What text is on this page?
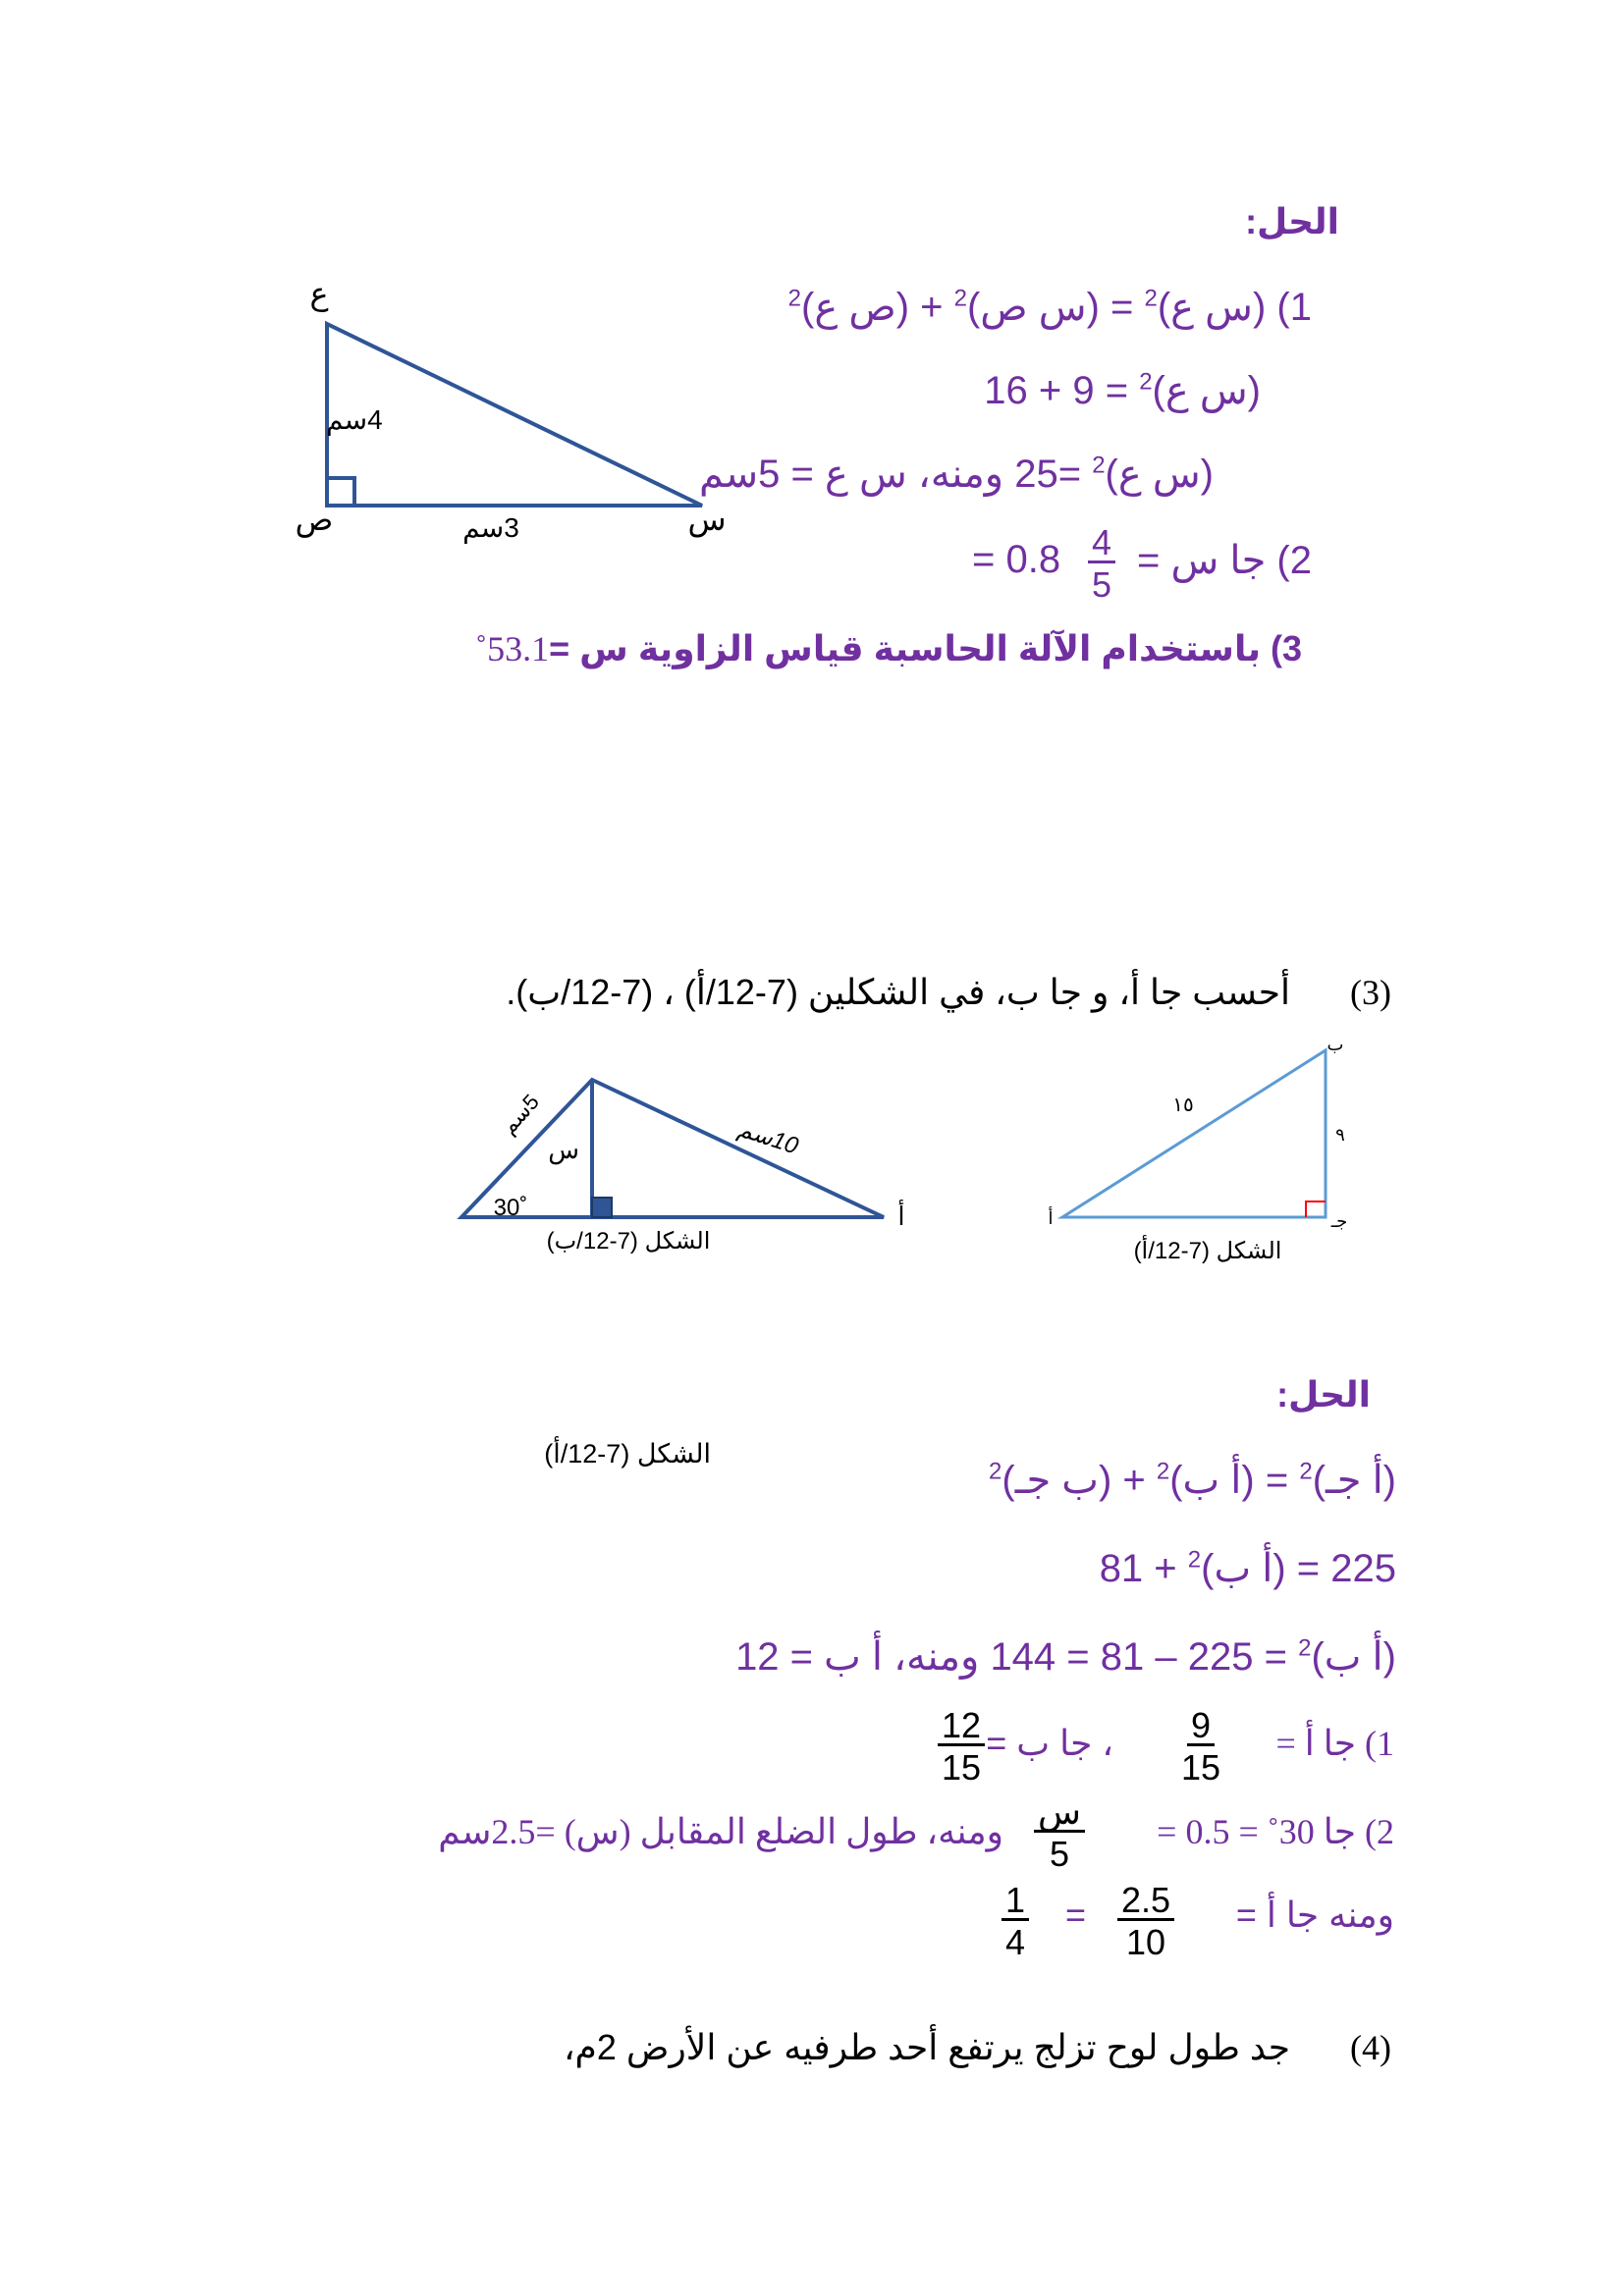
الحل:
1) (س ع)$^2$ = (س ص)$^2$ + (ص ع)$^2$
(س ع)$^2$ = 9 + 16
(س ع)$^2$ =25 ومنه، س ع = 5سم
2) جا س =
$\frac{4}{5}$
= 0.8
3) باستخدام الآلة الحاسبة قياس الزاوية س =53.1˚
ع
4سم
ص	3سم	س
(3)
أحسب جا أ، و جا ب، في الشكلين (7-12/أ) ، (7-12/ب).
5سم
س	10سم
30˚	أ
الشكل (7-12/ب)
ب
أ	جـ
١٥
٩
الشكل (7-12/أ)
الحل:
الشكل (7-12/أ)
(أ جـ)$^2$ = (أ ب)$^2$ + (ب جـ)$^2$
225 = (أ ب)$^2$ + 81
(أ ب)$^2$ = 225 – 81 = 144 ومنه، أ ب = 12
1) جا أ =
$\frac{9}{15}$
، جا ب =
$\frac{12}{15}$
2) جا 30˚ = 0.5 =
س
5
ومنه، طول الضلع المقابل (س) =2.5سم
ومنه جا أ =
$\frac{2.5}{10}$
=
$\frac{1}{4}$
(4)
جد طول لوح تزلج يرتفع أحد طرفيه عن الأرض 2م،
